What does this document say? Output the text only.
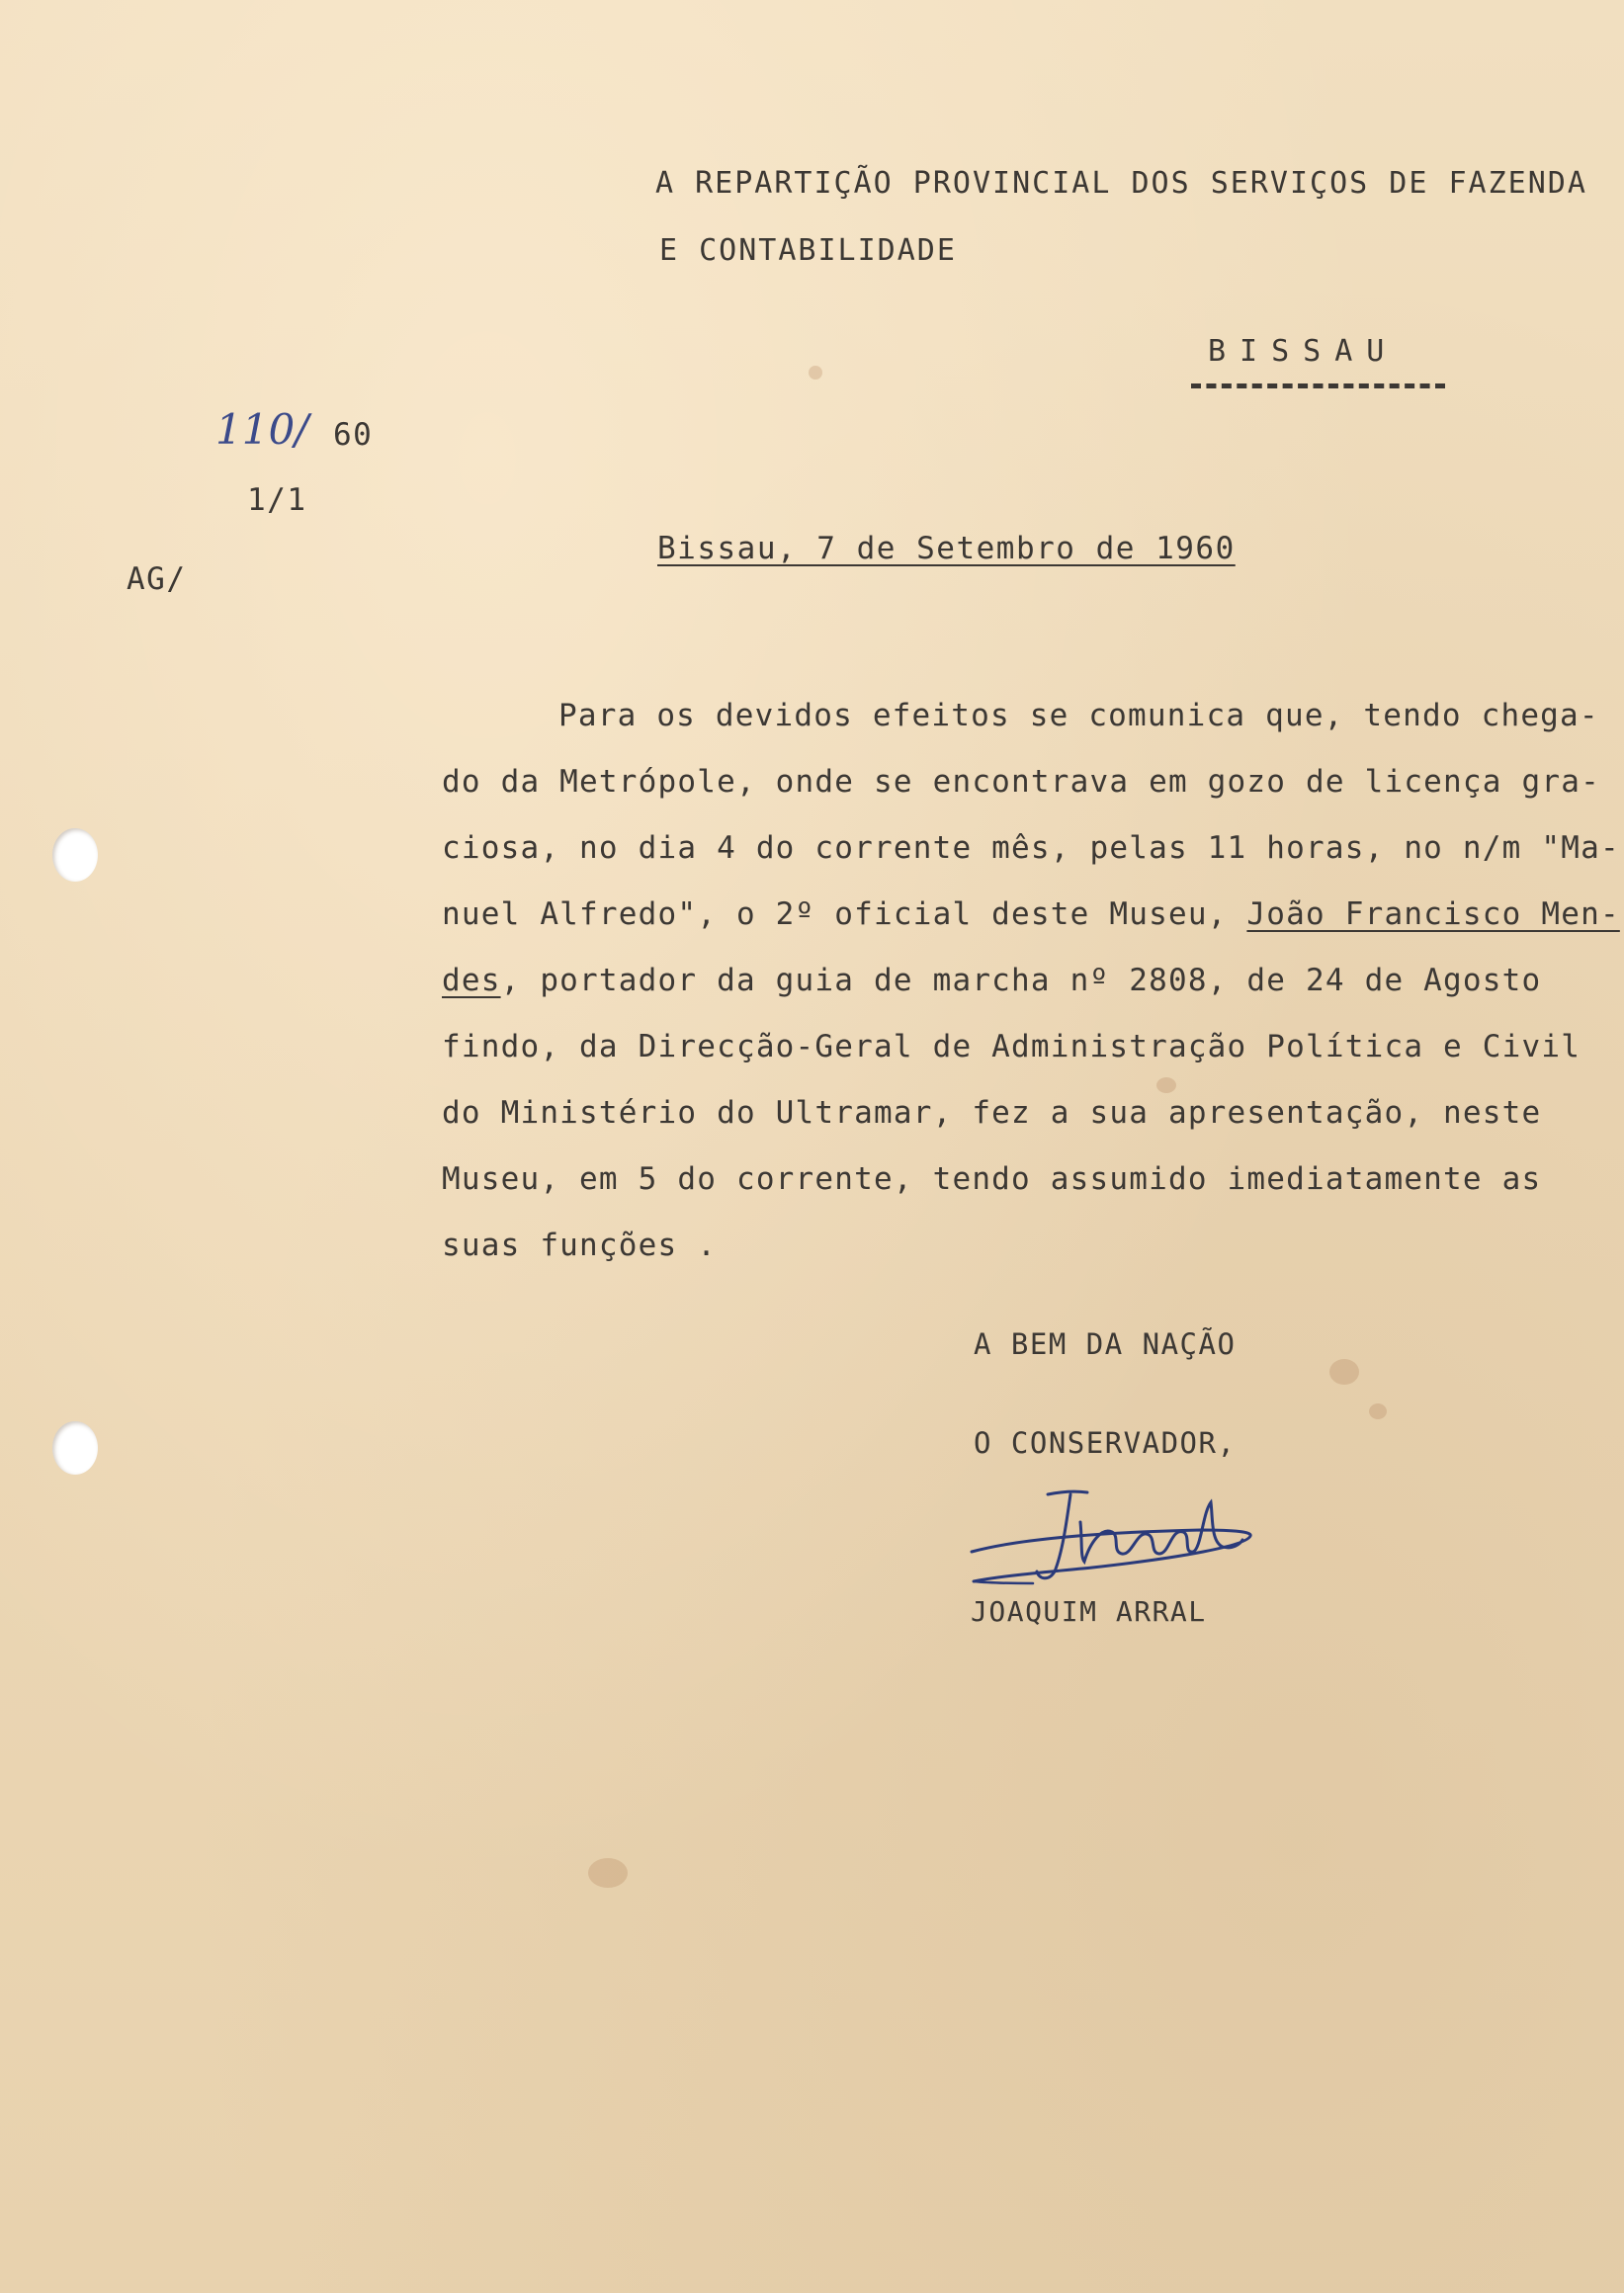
A REPARTIÇÃO PROVINCIAL DOS SERVIÇOS DE FAZENDA
E CONTABILIDADE
BISSAU
110/ 60
1/1
AG/
Bissau, 7 de Setembro de 1960
Para os devidos efeitos se comunica que, tendo chega-
do da Metrópole, onde se encontrava em gozo de licença gra-
ciosa, no dia 4 do corrente mês, pelas 11 horas, no n/m "Ma-
nuel Alfredo", o 2º oficial deste Museu, João Francisco Men-
des, portador da guia de marcha nº 2808, de 24 de Agosto
findo, da Direcção-Geral de Administração Política e Civil
do Ministério do Ultramar, fez a sua apresentação, neste
Museu, em 5 do corrente, tendo assumido imediatamente as
suas funções .
A BEM DA NAÇÃO
O CONSERVADOR,
JOAQUIM ARRAL
